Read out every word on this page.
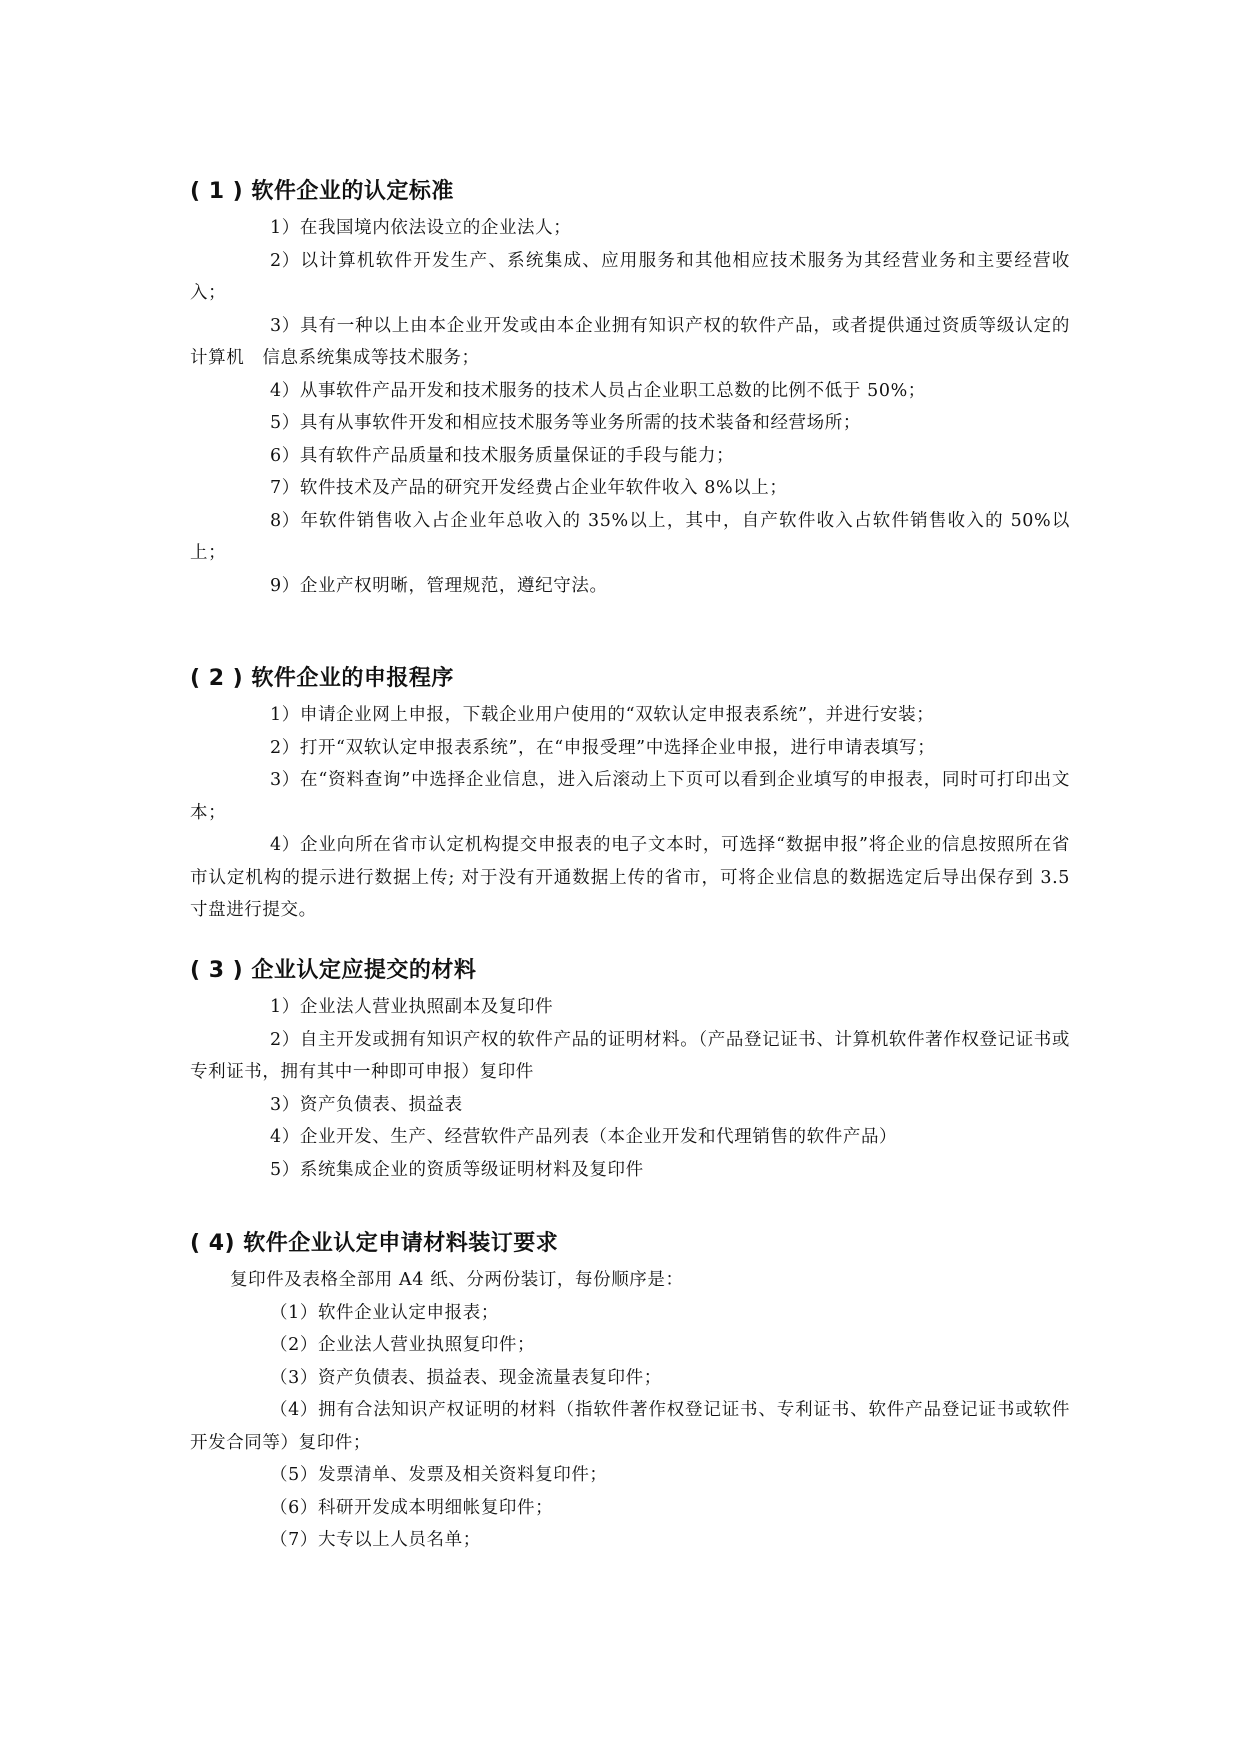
( 1 ) 软件企业的认定标准

1）在我国境内依法设立的企业法人；

2）以计算机软件开发生产、系统集成、应用服务和其他相应技术服务为其经营业务和主要经营收入；

3）具有一种以上由本企业开发或由本企业拥有知识产权的软件产品，或者提供通过资质等级认定的计算机　信息系统集成等技术服务；

4）从事软件产品开发和技术服务的技术人员占企业职工总数的比例不低于 50%；

5）具有从事软件开发和相应技术服务等业务所需的技术装备和经营场所；

6）具有软件产品质量和技术服务质量保证的手段与能力；

7）软件技术及产品的研究开发经费占企业年软件收入 8%以上；

8）年软件销售收入占企业年总收入的 35%以上，其中，自产软件收入占软件销售收入的 50%以上；

9）企业产权明晰，管理规范，遵纪守法。

( 2 ) 软件企业的申报程序

1）申请企业网上申报，下载企业用户使用的“双软认定申报表系统”，并进行安装；

2）打开“双软认定申报表系统”，在“申报受理”中选择企业申报，进行申请表填写；

3）在“资料查询”中选择企业信息，进入后滚动上下页可以看到企业填写的申报表，同时可打印出文本；

4）企业向所在省市认定机构提交申报表的电子文本时，可选择“数据申报”将企业的信息按照所在省市认定机构的提示进行数据上传; 对于没有开通数据上传的省市，可将企业信息的数据选定后导出保存到 3.5 寸盘进行提交。

( 3 ) 企业认定应提交的材料

1）企业法人营业执照副本及复印件

2）自主开发或拥有知识产权的软件产品的证明材料。（产品登记证书、计算机软件著作权登记证书或专利证书，拥有其中一种即可申报）复印件

3）资产负债表、损益表

4）企业开发、生产、经营软件产品列表（本企业开发和代理销售的软件产品）

5）系统集成企业的资质等级证明材料及复印件

( 4) 软件企业认定申请材料装订要求

复印件及表格全部用 A4 纸、分两份装订，每份顺序是：

（1）软件企业认定申报表；

（2）企业法人营业执照复印件；

（3）资产负债表、损益表、现金流量表复印件；

（4）拥有合法知识产权证明的材料（指软件著作权登记证书、专利证书、软件产品登记证书或软件开发合同等）复印件；

（5）发票清单、发票及相关资料复印件；

（6）科研开发成本明细帐复印件；

（7）大专以上人员名单；
